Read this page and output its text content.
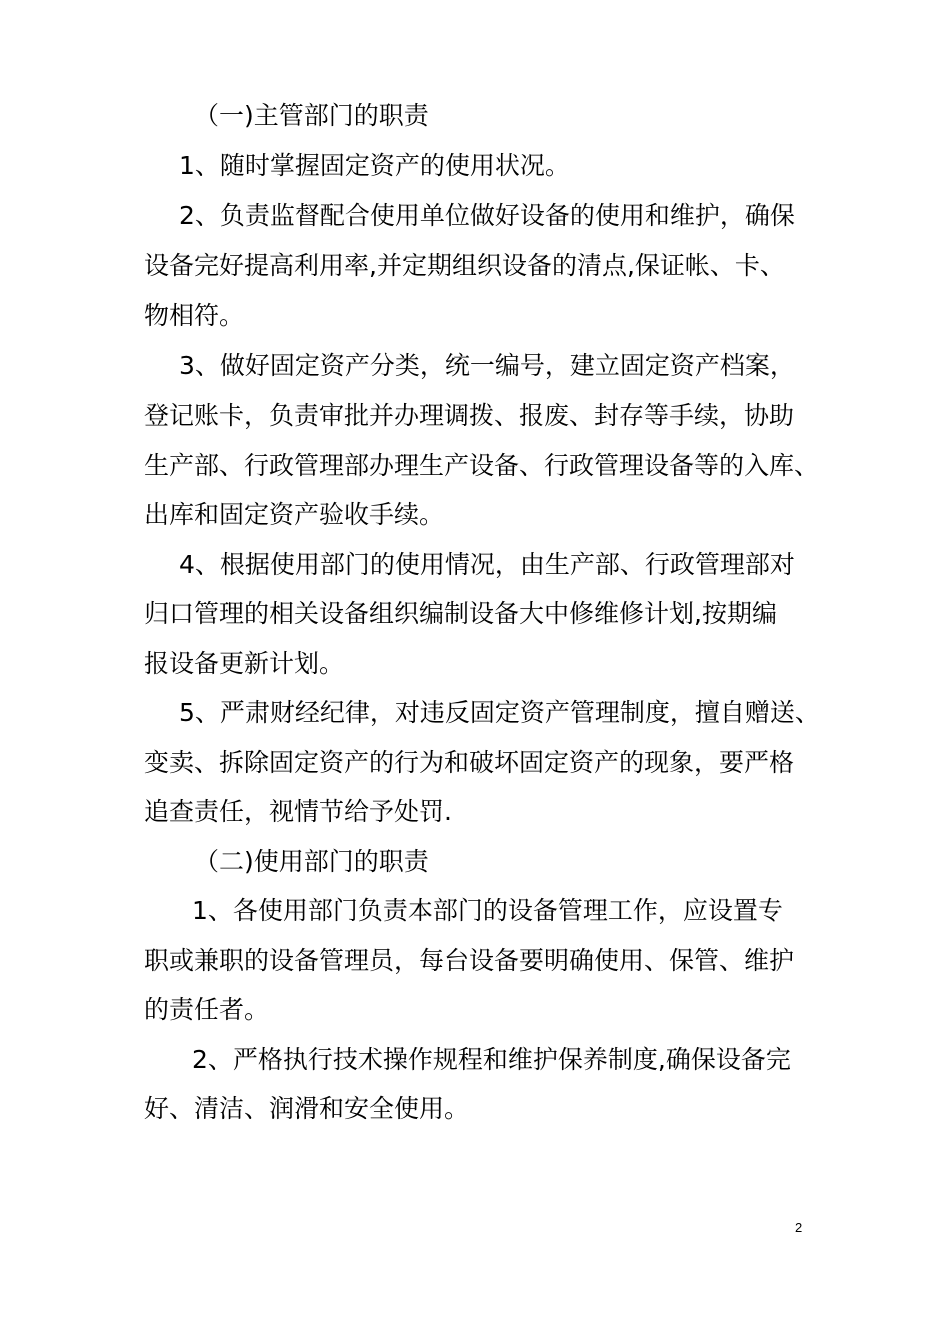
（一)主管部门的职责
1、随时掌握固定资产的使用状况。
2、负责监督配合使用单位做好设备的使用和维护，确保
设备完好提高利用率,并定期组织设备的清点,保证帐、卡、
物相符。
3、做好固定资产分类，统一编号，建立固定资产档案，
登记账卡，负责审批并办理调拨、报废、封存等手续，协助
生产部、行政管理部办理生产设备、行政管理设备等的入库、
出库和固定资产验收手续。
4、根据使用部门的使用情况，由生产部、行政管理部对
归口管理的相关设备组织编制设备大中修维修计划,按期编
报设备更新计划。
5、严肃财经纪律，对违反固定资产管理制度，擅自赠送、
变卖、拆除固定资产的行为和破坏固定资产的现象，要严格
追查责任，视情节给予处罚.
（二)使用部门的职责
1、各使用部门负责本部门的设备管理工作，应设置专
职或兼职的设备管理员，每台设备要明确使用、保管、维护
的责任者。
2、严格执行技术操作规程和维护保养制度,确保设备完
好、清洁、润滑和安全使用。
2
